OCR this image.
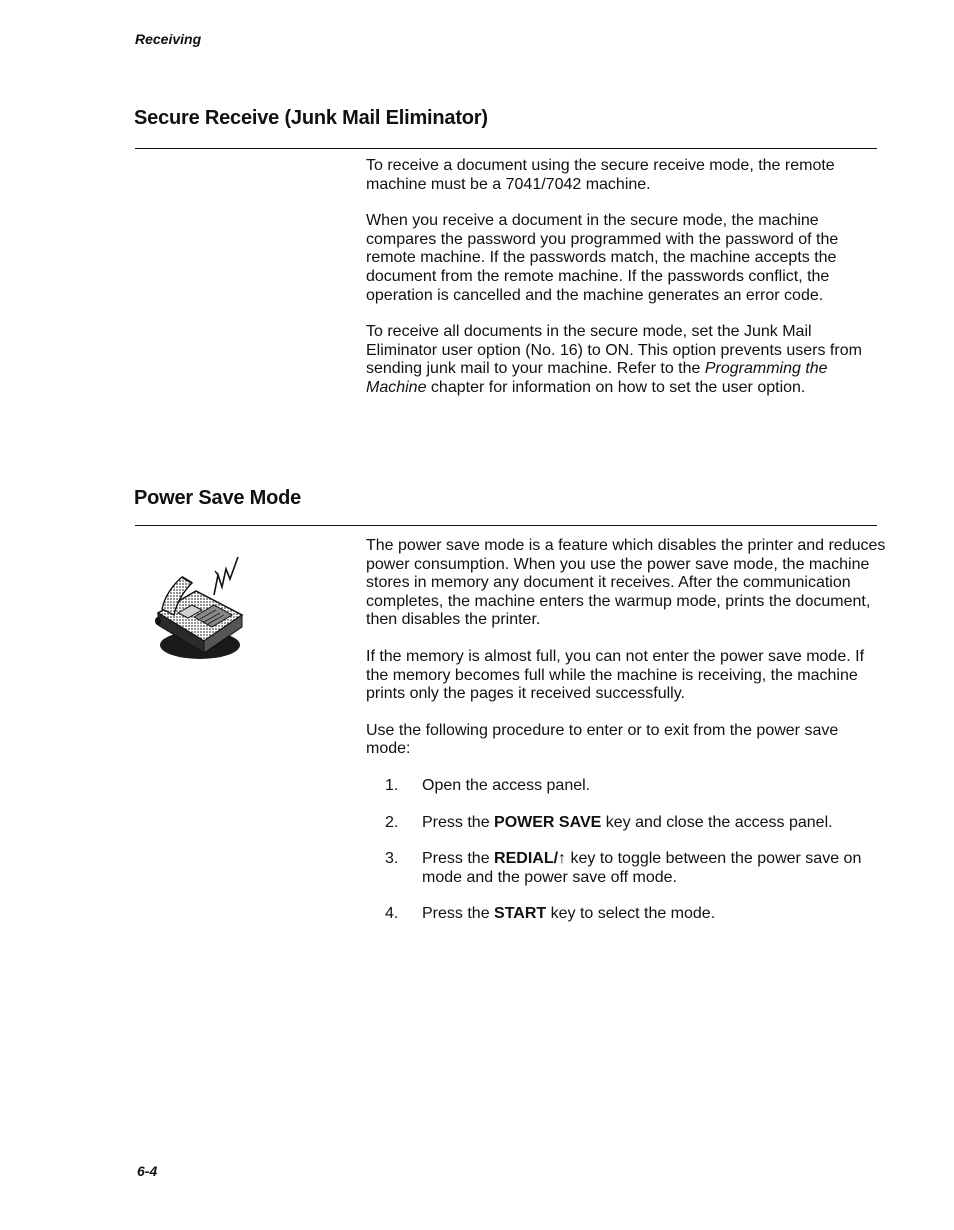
Receiving

Secure Receive (Junk Mail Eliminator)

To receive a document using the secure receive mode, the remote machine must be a 7041/7042 machine.

When you receive a document in the secure mode, the machine compares the password you programmed with the password of the remote machine. If the passwords match, the machine accepts the document from the remote machine. If the passwords conflict, the operation is cancelled and the machine generates an error code.

To receive all documents in the secure mode, set the Junk Mail Eliminator user option (No. 16) to ON. This option prevents users from sending junk mail to your machine. Refer to the Programming the Machine chapter for information on how to set the user option.

Power Save Mode

The power save mode is a feature which disables the printer and reduces power consumption. When you use the power save mode, the machine stores in memory any document it receives. After the communication completes, the machine enters the warmup mode, prints the document, then disables the printer.

If the memory is almost full, you can not enter the power save mode. If the memory becomes full while the machine is receiving, the machine prints only the pages it received successfully.

Use the following procedure to enter or to exit from the power save mode:

1. Open the access panel.
2. Press the POWER SAVE key and close the access panel.
3. Press the REDIAL/↑ key to toggle between the power save on mode and the power save off mode.
4. Press the START key to select the mode.

6-4
